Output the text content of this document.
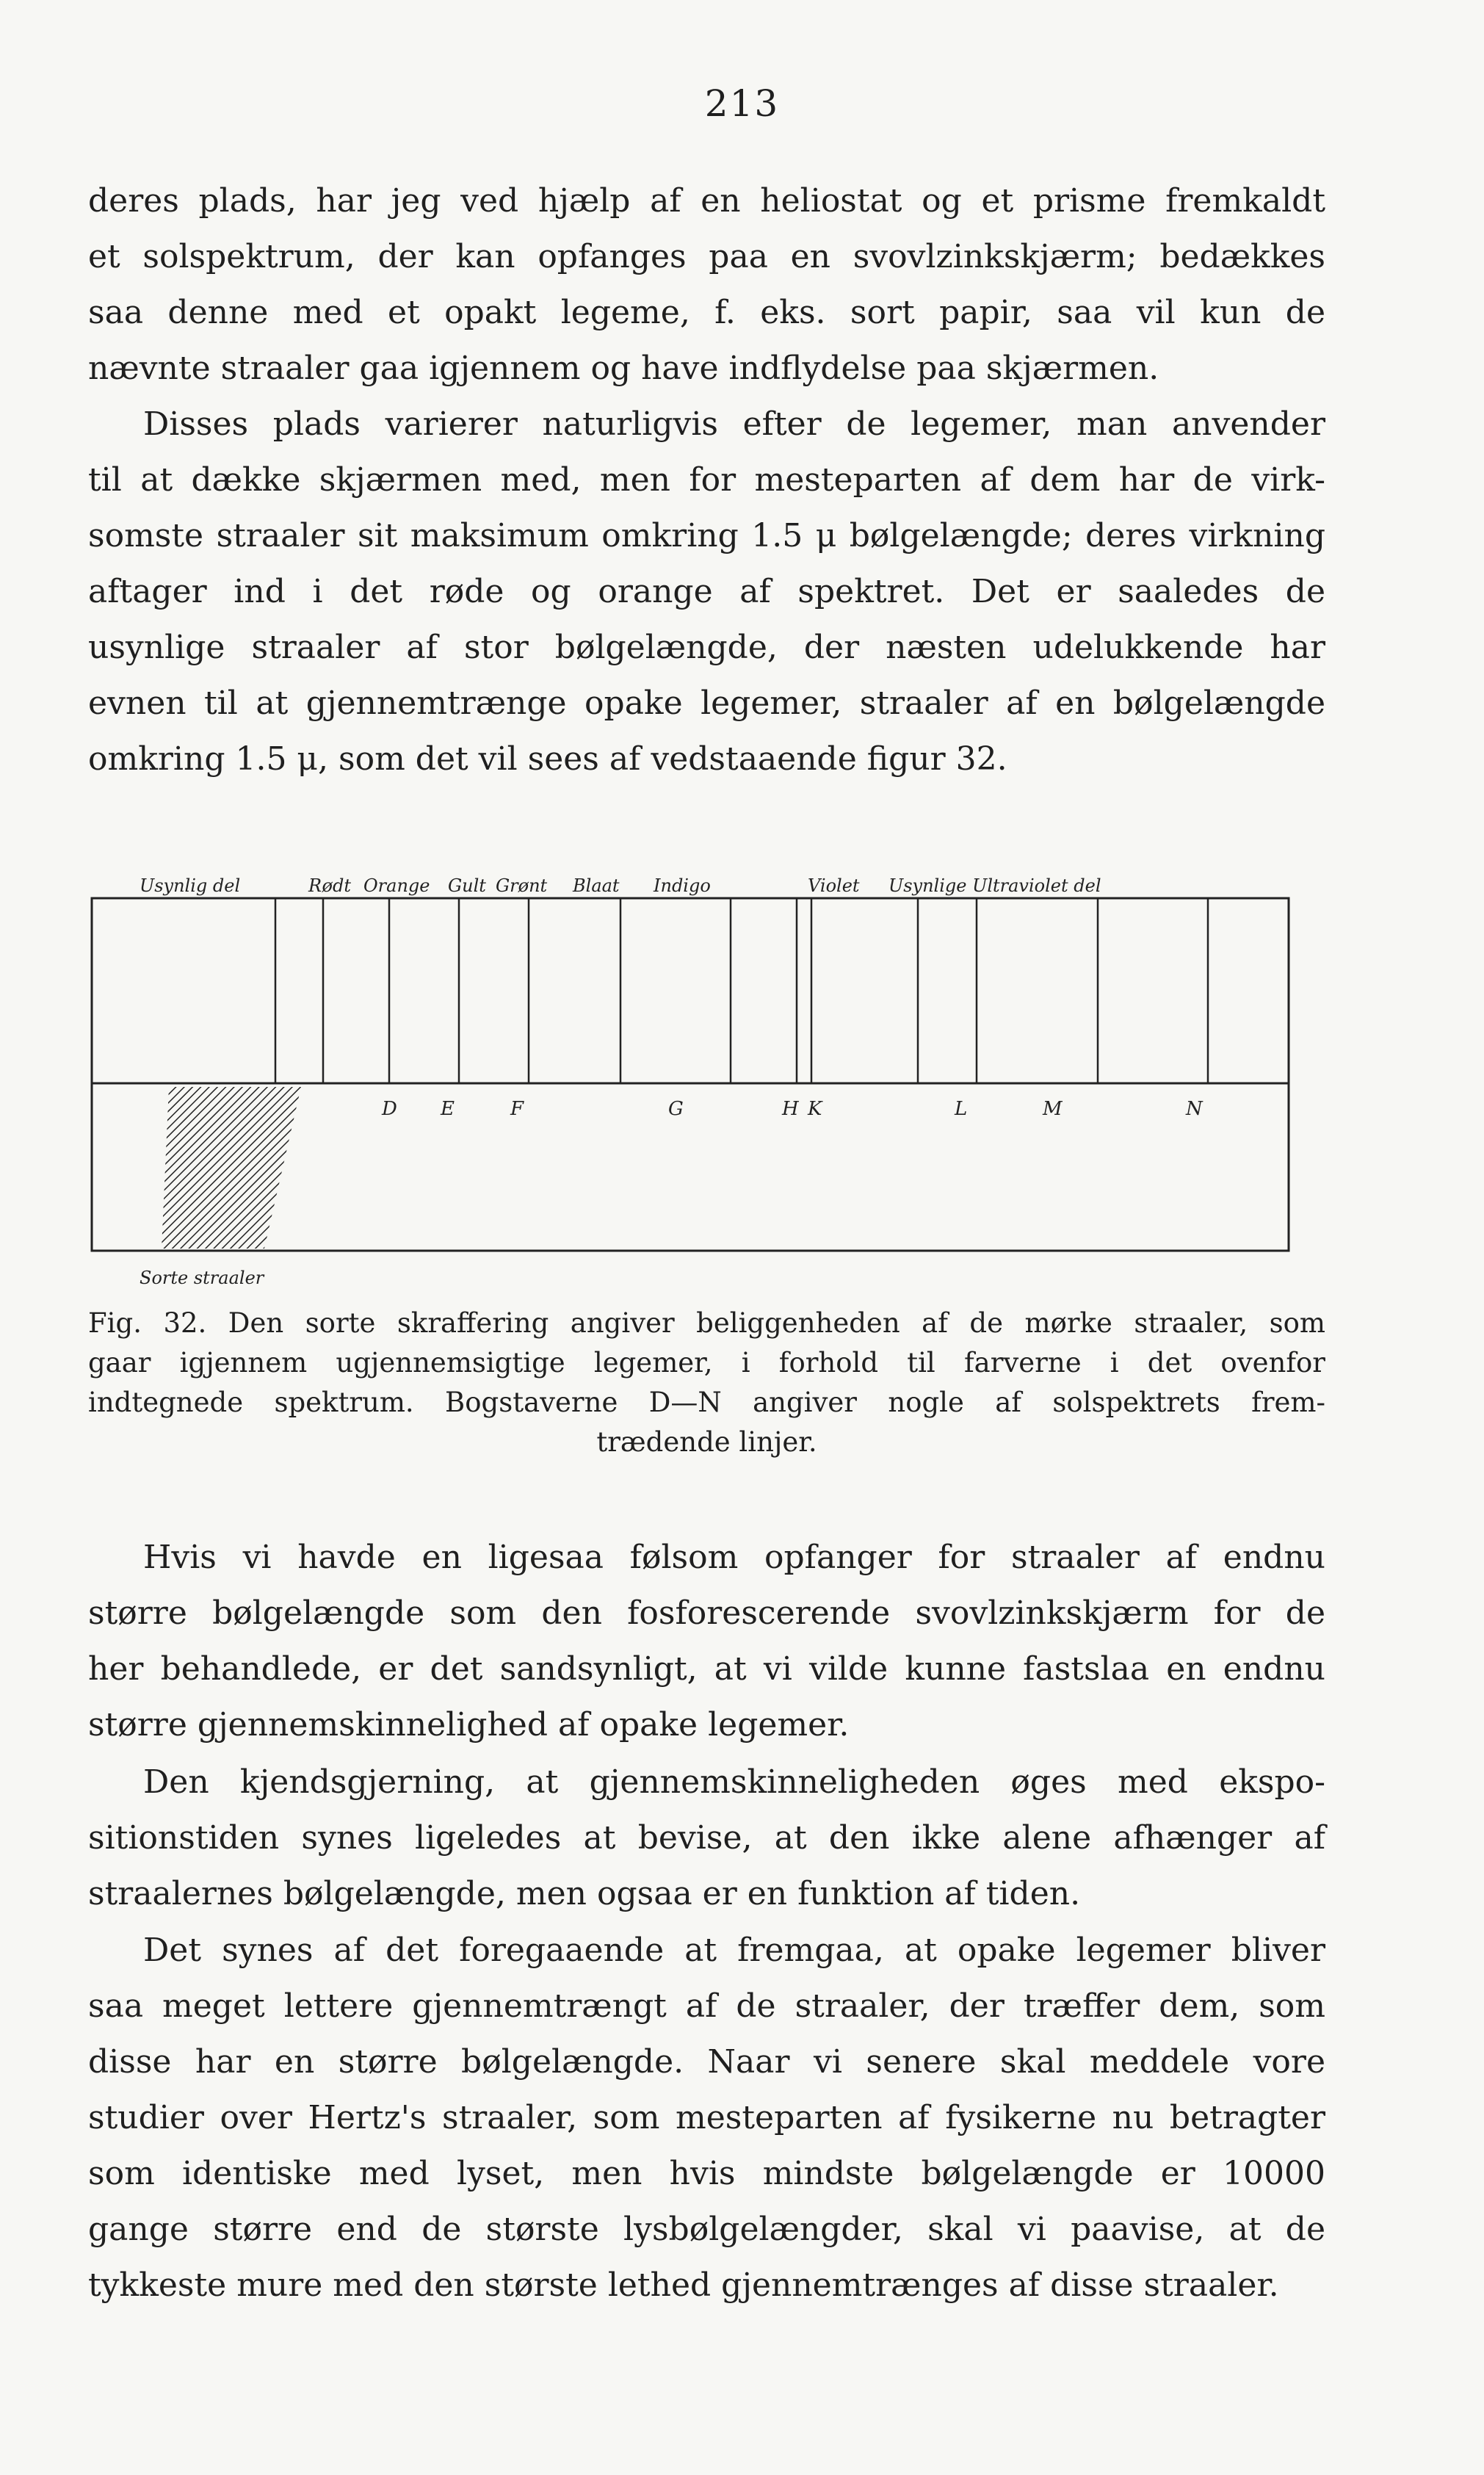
213

deres plads, har jeg ved hjælp af en heliostat og et prisme fremkaldt

et solspektrum, der kan opfanges paa en svovlzinkskjærm; bedækkes

saa denne med et opakt legeme, f. eks. sort papir, saa vil kun de

nævnte straaler gaa igjennem og have indflydelse paa skjærmen.

Disses plads varierer naturligvis efter de legemer, man anvender

til at dække skjærmen med, men for mesteparten af dem har de virk-

somste straaler sit maksimum omkring 1.5 μ bølgelængde; deres virkning

aftager ind i det røde og orange af spektret. Det er saaledes de

usynlige straaler af stor bølgelængde, der næsten udelukkende har

evnen til at gjennemtrænge opake legemer, straaler af en bølgelængde

omkring 1.5 μ, som det vil sees af vedstaaende figur 32.

Usynlig del	Rødt Orange Gult Grønt Blaat Indigo	Violet Usynlige Ultraviolet del
D E	F	G	H K	L	M	N
Sorte straaler
Fig. 32. Den sorte skraffering angiver beliggenheden af de mørke straaler, som
gaar igjennem ugjennemsigtige legemer, i forhold til farverne i det ovenfor
indtegnede spektrum. Bogstaverne D—N angiver nogle af solspektrets frem-
trædende linjer.

Hvis vi havde en ligesaa følsom opfanger for straaler af endnu

større bølgelængde som den fosforescerende svovlzinkskjærm for de

her behandlede, er det sandsynligt, at vi vilde kunne fastslaa en endnu

større gjennemskinnelighed af opake legemer.

Den kjendsgjerning, at gjennemskinneligheden øges med ekspo-

sitionstiden synes ligeledes at bevise, at den ikke alene afhænger af

straalernes bølgelængde, men ogsaa er en funktion af tiden.

Det synes af det foregaaende at fremgaa, at opake legemer bliver

saa meget lettere gjennemtrængt af de straaler, der træffer dem, som

disse har en større bølgelængde. Naar vi senere skal meddele vore

studier over Hertz's straaler, som mesteparten af fysikerne nu betragter

som identiske med lyset, men hvis mindste bølgelængde er 10000

gange større end de største lysbølgelængder, skal vi paavise, at de

tykkeste mure med den største lethed gjennemtrænges af disse straaler.
